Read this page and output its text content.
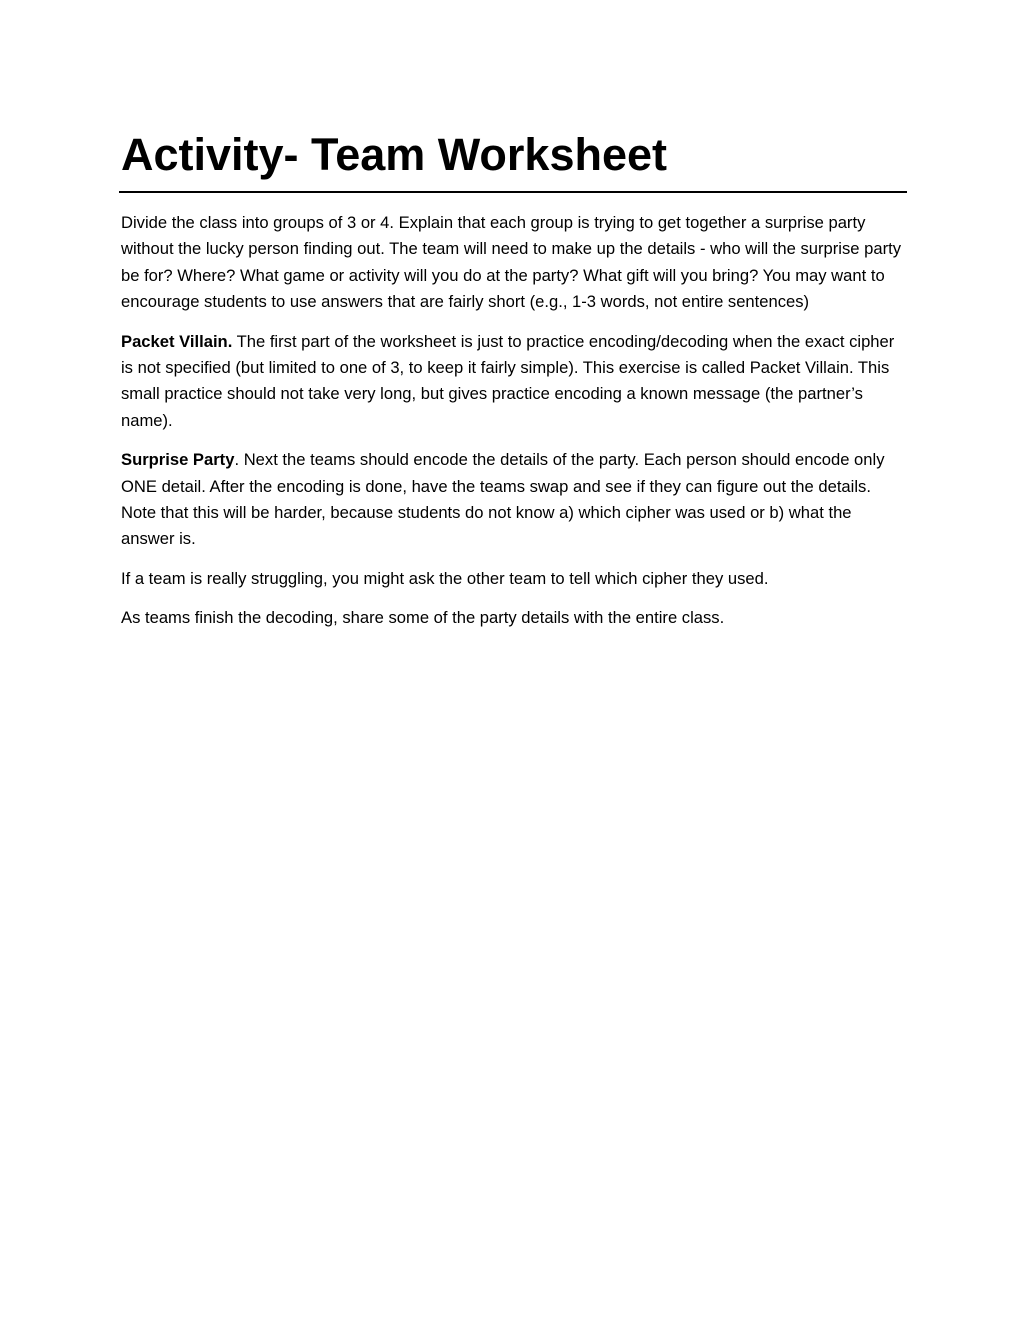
Activity- Team Worksheet

Divide the class into groups of 3 or 4. Explain that each group is trying to get together a surprise party without the lucky person finding out. The team will need to make up the details - who will the surprise party be for? Where? What game or activity will you do at the party? What gift will you bring? You may want to encourage students to use answers that are fairly short (e.g., 1-3 words, not entire sentences)

Packet Villain. The first part of the worksheet is just to practice encoding/decoding when the exact cipher is not specified (but limited to one of 3, to keep it fairly simple). This exercise is called Packet Villain. This small practice should not take very long, but gives practice encoding a known message (the partner’s name).

Surprise Party. Next the teams should encode the details of the party. Each person should encode only ONE detail. After the encoding is done, have the teams swap and see if they can figure out the details. Note that this will be harder, because students do not know a) which cipher was used or b) what the answer is.

If a team is really struggling, you might ask the other team to tell which cipher they used.

As teams finish the decoding, share some of the party details with the entire class.
